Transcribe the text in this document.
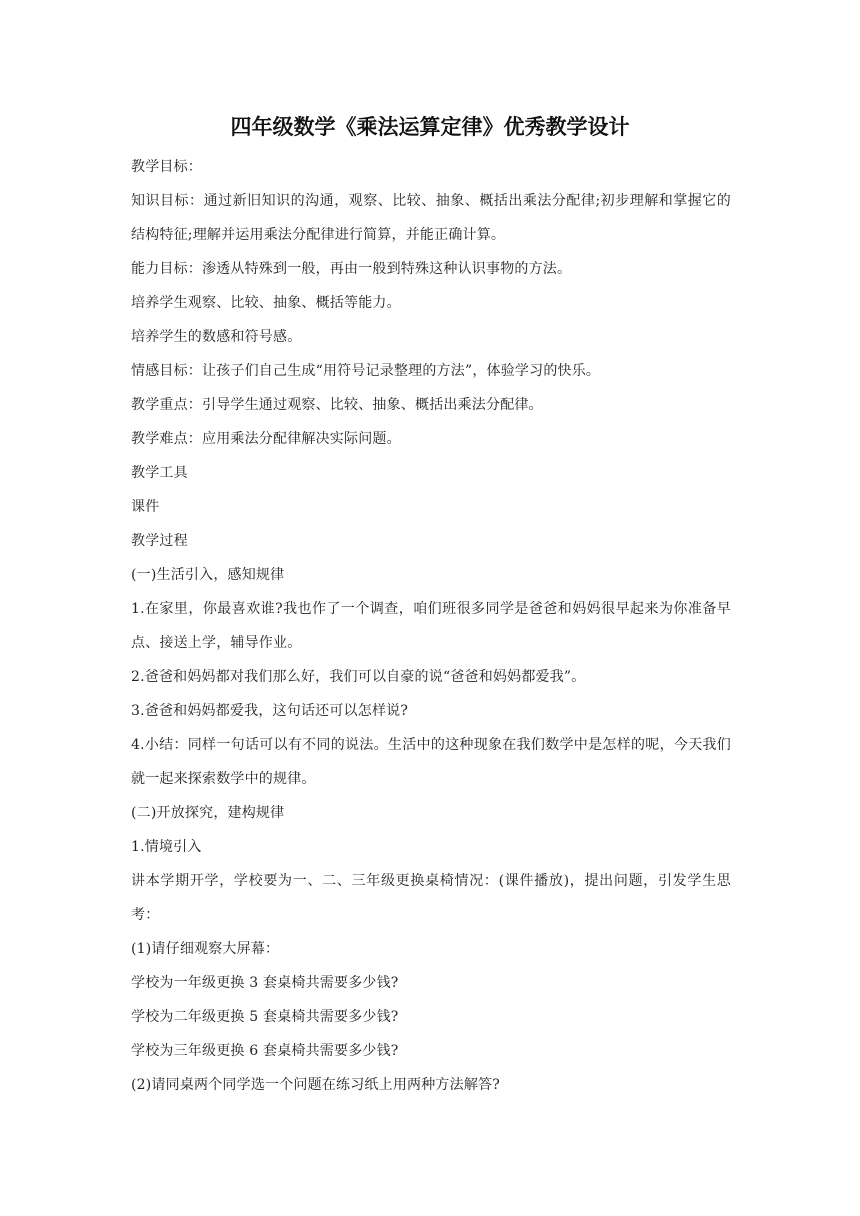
四年级数学《乘法运算定律》优秀教学设计

教学目标：

知识目标：通过新旧知识的沟通，观察、比较、抽象、概括出乘法分配律;初步理解和掌握它的结构特征;理解并运用乘法分配律进行简算，并能正确计算。

能力目标：渗透从特殊到一般，再由一般到特殊这种认识事物的方法。

培养学生观察、比较、抽象、概括等能力。

培养学生的数感和符号感。

情感目标：让孩子们自己生成“用符号记录整理的方法”，体验学习的快乐。

教学重点：引导学生通过观察、比较、抽象、概括出乘法分配律。

教学难点：应用乘法分配律解决实际问题。

教学工具

课件

教学过程

(一)生活引入，感知规律

1.在家里，你最喜欢谁?我也作了一个调查，咱们班很多同学是爸爸和妈妈很早起来为你准备早点、接送上学，辅导作业。

2.爸爸和妈妈都对我们那么好，我们可以自豪的说“爸爸和妈妈都爱我”。

3.爸爸和妈妈都爱我，这句话还可以怎样说?

4.小结：同样一句话可以有不同的说法。生活中的这种现象在我们数学中是怎样的呢，今天我们就一起来探索数学中的规律。

(二)开放探究，建构规律

1.情境引入

讲本学期开学，学校要为一、二、三年级更换桌椅情况：(课件播放)，提出问题，引发学生思考：

(1)请仔细观察大屏幕：

学校为一年级更换 3 套桌椅共需要多少钱?

学校为二年级更换 5 套桌椅共需要多少钱?

学校为三年级更换 6 套桌椅共需要多少钱?

(2)请同桌两个同学选一个问题在练习纸上用两种方法解答?
